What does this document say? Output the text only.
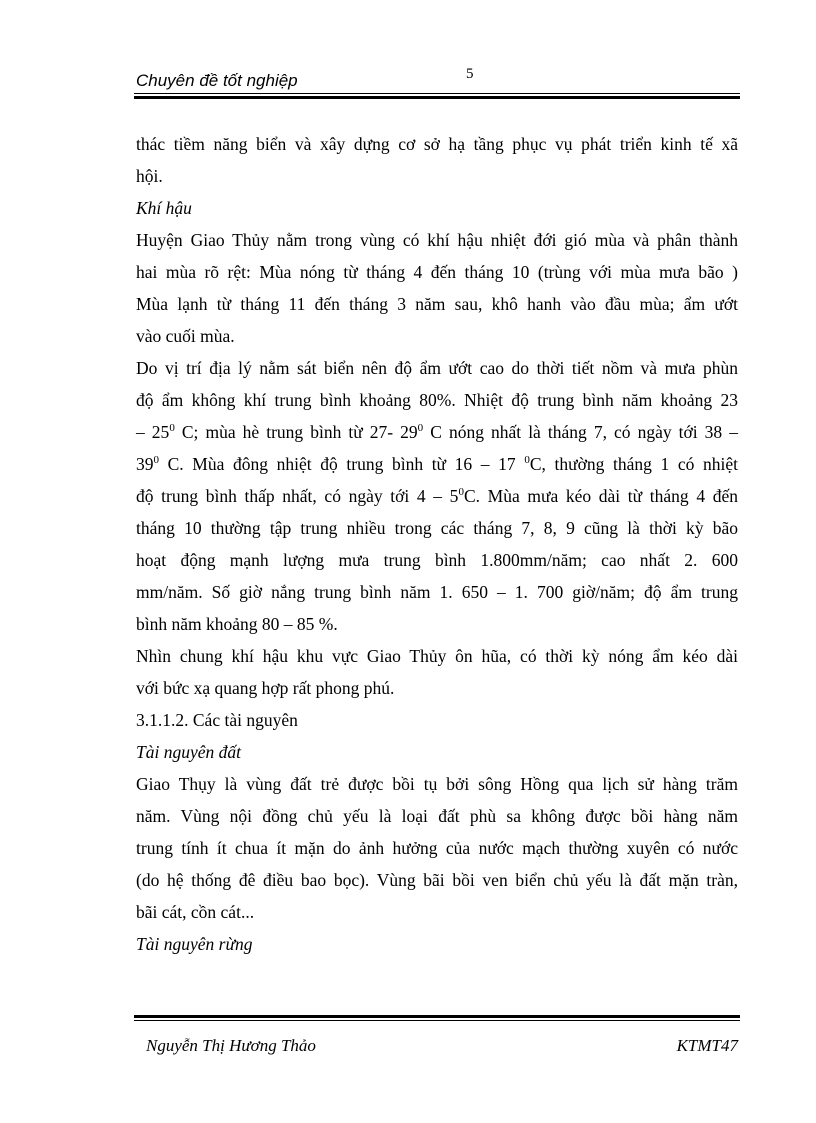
Chuyên đề tốt nghiệp	5

thác tiềm năng biển và xây dựng cơ sở hạ tầng phục vụ phát triển kinh tế xã

hội.

Khí hậu

Huyện Giao Thủy nằm trong vùng có khí hậu nhiệt đới gió mùa và phân thành

hai mùa rõ rệt: Mùa nóng từ tháng 4 đến tháng 10 (trùng với mùa mưa bão )

Mùa lạnh từ tháng 11 đến tháng 3 năm sau, khô hanh vào đầu mùa; ẩm ướt

vào cuối mùa.

Do vị trí địa lý nằm sát biển nên độ ẩm ướt cao do thời tiết nồm và mưa phùn

độ ẩm không khí trung bình khoảng 80%. Nhiệt độ trung bình năm khoảng 23

– $25^0$ C; mùa hè trung bình từ 27- $29^0$ C nóng nhất là tháng 7, có ngày tới 38 –

$39^0$ C. Mùa đông nhiệt độ trung bình từ 16 – 17 $^0$C, thường tháng 1 có nhiệt

độ trung bình thấp nhất, có ngày tới $4 - 5^0C$. Mùa mưa kéo dài từ tháng 4 đến

tháng 10 thường tập trung nhiều trong các tháng 7, 8, 9 cũng là thời kỳ bão

hoạt động mạnh lượng mưa trung bình 1.800mm/năm; cao nhất 2. 600

mm/năm. Số giờ nắng trung bình năm 1. 650 – 1. 700 giờ/năm; độ ẩm trung

bình năm khoảng 80 – 85 %.

Nhìn chung khí hậu khu vực Giao Thủy ôn hũa, có thời kỳ nóng ẩm kéo dài

với bức xạ quang hợp rất phong phú.

3.1.1.2. Các tài nguyên

Tài nguyên đất

Giao Thụy là vùng đất trẻ được bồi tụ bởi sông Hồng qua lịch sử hàng trăm

năm. Vùng nội đồng chủ yếu là loại đất phù sa không được bồi hàng năm

trung tính ít chua ít mặn do ảnh hưởng của nước mạch thường xuyên có nước

(do hệ thống đê điều bao bọc). Vùng bãi bồi ven biển chủ yếu là đất mặn tràn,

bãi cát, cồn cát...

Tài nguyên rừng

Nguyễn Thị Hương Thảo	KTMT47
